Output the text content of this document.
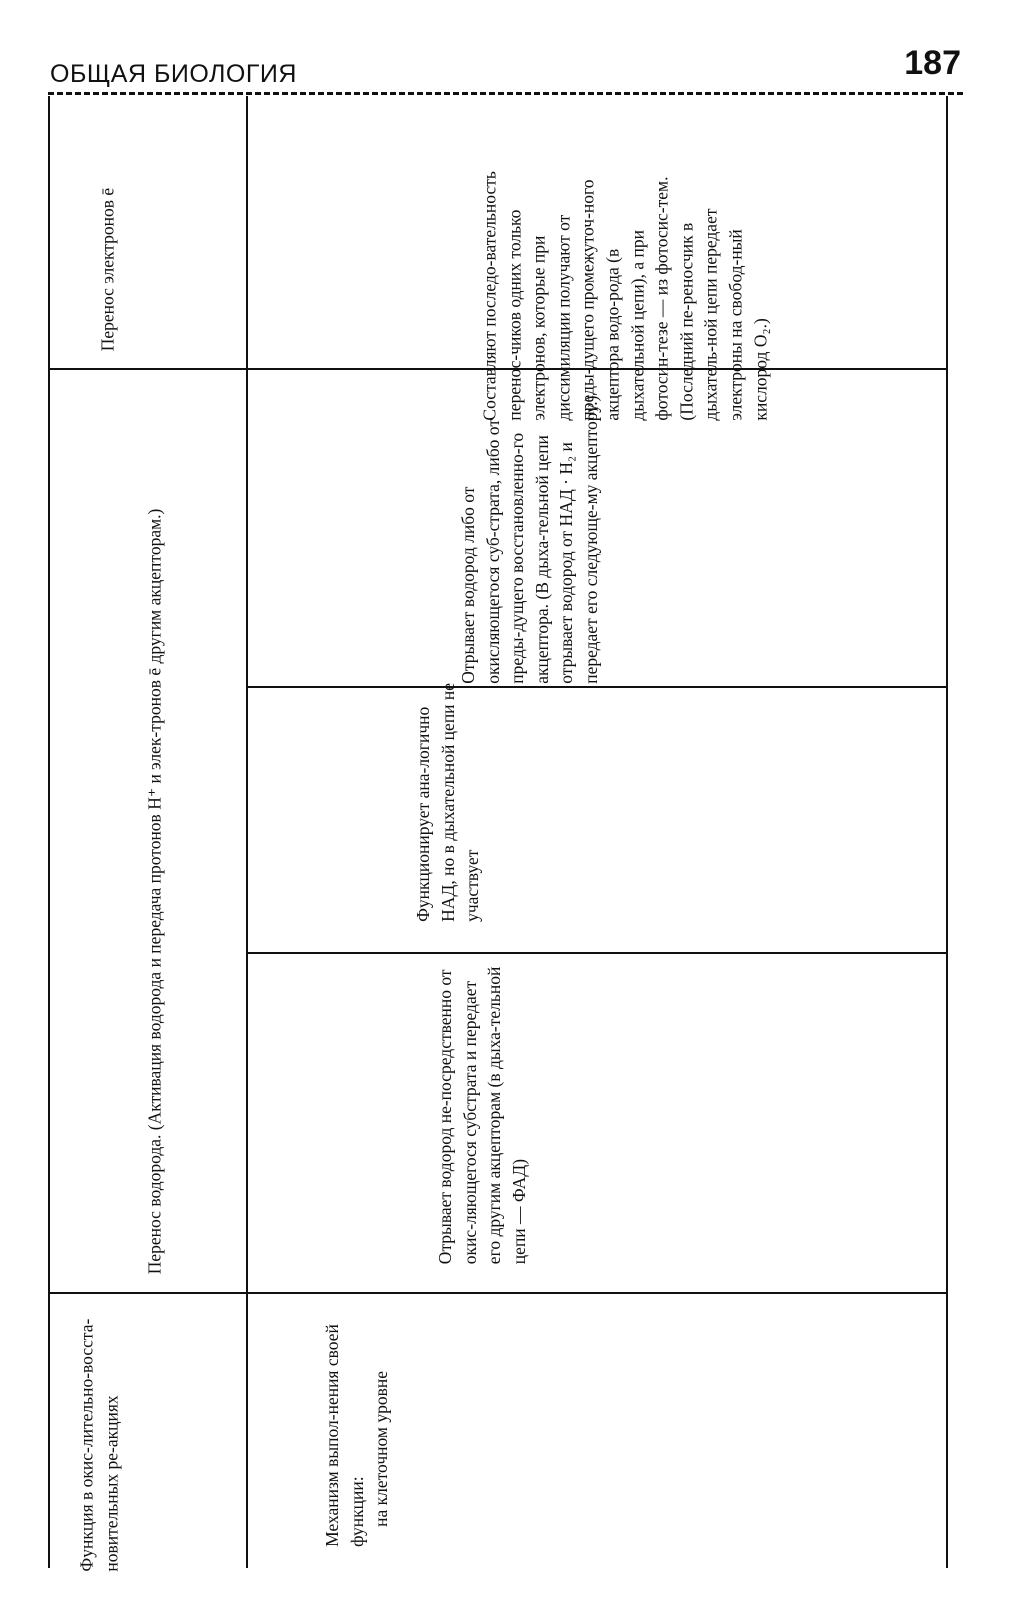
ОБЩАЯ БИОЛОГИЯ	187

Функция в окис-лительно-восста-новительных ре-акциях

Перенос водорода. (Активация водорода и передача протонов H⁺ и элек-тронов ē другим акцепторам.)

Перенос электронов ē

Механизм выпол-нения своей функции: на клеточном уровне

Отрывает водород не-посредственно от окис-ляющегося субстрата и передает его другим акцепторам (в дыха-тельной цепи — ФАД)

Функционирует ана-логично НАД, но в дыхательной цепи не участвует

Отрывает водород либо от окисляющегося суб-страта, либо от преды-дущего восстановленно-го акцептора. (В дыха-тельной цепи отрывает водород от НАД · H₂ и передает его следующе-му акцептору.)

Составляют последо-вательность перенос-чиков одних только электронов, которые при диссимиляции получают от преды-дущего промежуточ-ного акцептора водо-рода (в дыхательной цепи), а при фотосин-тезе — из фотосис-тем. (Последний пе-реносчик в дыхатель-ной цепи передает электроны на свобод-ный кислород O₂.)
